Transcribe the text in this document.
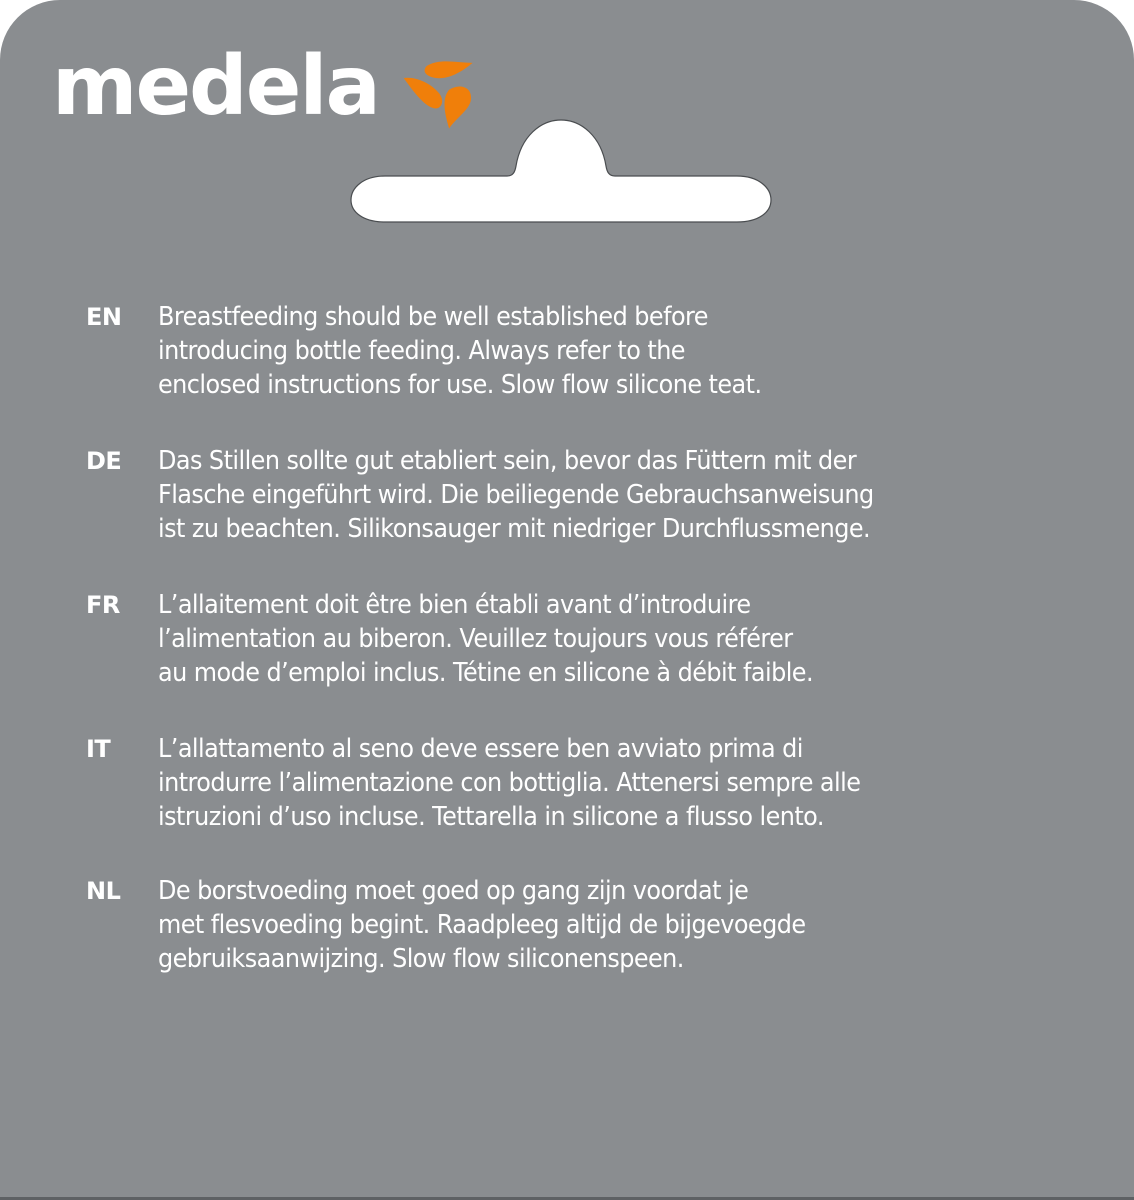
medela
EN Breastfeeding should be well established before
introducing bottle feeding. Always refer to the
enclosed instructions for use. Slow flow silicone teat.
DE Das Stillen sollte gut etabliert sein, bevor das Füttern mit der
Flasche eingeführt wird. Die beiliegende Gebrauchsanweisung
ist zu beachten. Silikonsauger mit niedriger Durchflussmenge.
FR L’allaitement doit être bien établi avant d’introduire
l’alimentation au biberon. Veuillez toujours vous référer
au mode d’emploi inclus. Tétine en silicone à débit faible.
IT L’allattamento al seno deve essere ben avviato prima di
introdurre l’alimentazione con bottiglia. Attenersi sempre alle
istruzioni d’uso incluse. Tettarella in silicone a flusso lento.
NL De borstvoeding moet goed op gang zijn voordat je
met flesvoeding begint. Raadpleeg altijd de bijgevoegde
gebruiksaanwijzing. Slow flow siliconenspeen.
